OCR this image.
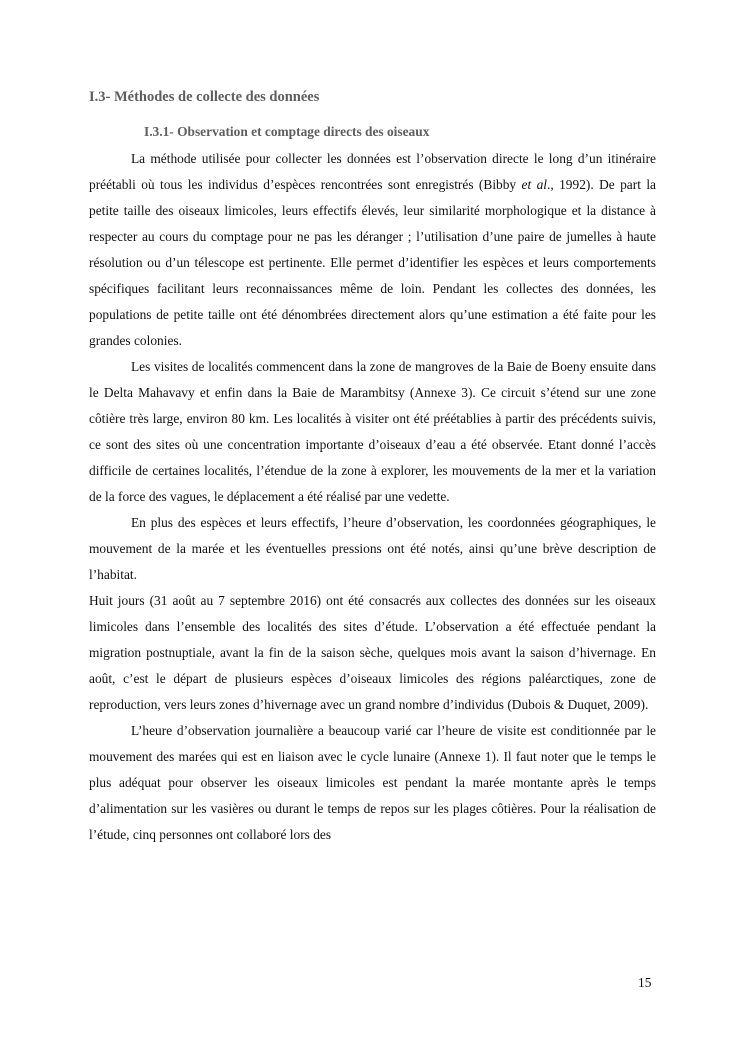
I.3- Méthodes de collecte des données
I.3.1- Observation et comptage directs des oiseaux

La méthode utilisée pour collecter les données est l’observation directe le long d’un itinéraire préétabli où tous les individus d’espèces rencontrées sont enregistrés (Bibby et al., 1992). De part la petite taille des oiseaux limicoles, leurs effectifs élevés, leur similarité morphologique et la distance à respecter au cours du comptage pour ne pas les déranger ; l’utilisation d’une paire de jumelles à haute résolution ou d’un télescope est pertinente. Elle permet d’identifier les espèces et leurs comportements spécifiques facilitant leurs reconnaissances même de loin. Pendant les collectes des données, les populations de petite taille ont été dénombrées directement alors qu’une estimation a été faite pour les grandes colonies.

Les visites de localités commencent dans la zone de mangroves de la Baie de Boeny ensuite dans le Delta Mahavavy et enfin dans la Baie de Marambitsy (Annexe 3). Ce circuit s’étend sur une zone côtière très large, environ 80 km. Les localités à visiter ont été préétablies à partir des précédents suivis, ce sont des sites où une concentration importante d’oiseaux d’eau a été observée. Etant donné l’accès difficile de certaines localités, l’étendue de la zone à explorer, les mouvements de la mer et la variation de la force des vagues, le déplacement a été réalisé par une vedette.

En plus des espèces et leurs effectifs, l’heure d’observation, les coordonnées géographiques, le mouvement de la marée et les éventuelles pressions ont été notés, ainsi qu’une brève description de l’habitat.

Huit jours (31 août au 7 septembre 2016) ont été consacrés aux collectes des données sur les oiseaux limicoles dans l’ensemble des localités des sites d’étude. L’observation a été effectuée pendant la migration postnuptiale, avant la fin de la saison sèche, quelques mois avant la saison d’hivernage. En août, c’est le départ de plusieurs espèces d’oiseaux limicoles des régions paléarctiques, zone de reproduction, vers leurs zones d’hivernage avec un grand nombre d’individus (Dubois & Duquet, 2009).

L’heure d’observation journalière a beaucoup varié car l’heure de visite est conditionnée par le mouvement des marées qui est en liaison avec le cycle lunaire (Annexe 1). Il faut noter que le temps le plus adéquat pour observer les oiseaux limicoles est pendant la marée montante après le temps d’alimentation sur les vasières ou durant le temps de repos sur les plages côtières. Pour la réalisation de l’étude, cinq personnes ont collaboré lors des

15
